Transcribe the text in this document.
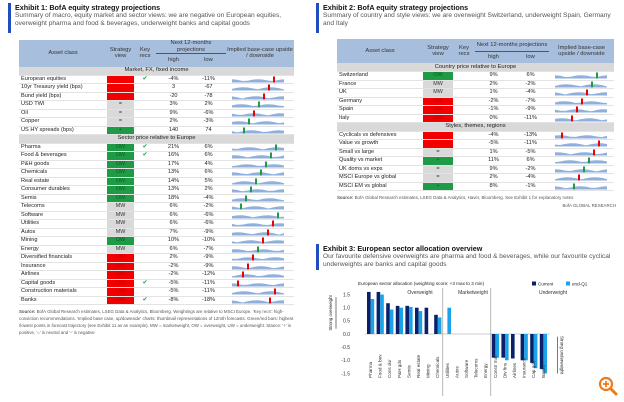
Exhibit 1: BofA equity strategy projections
Summary of macro, equity market and sector views: we are negative on European equities, overweight pharma and food & beverages, underweight banks and capital goods
Asset class	Strategy view	Key recs	Next 12-months projections		Implied base-case upside / downside
			high	low	
Market, FX, fixed income					
European equities		✔	-4%	-11%	

10yr Treasury yield (bps)			3	-67	

Bund yield (bps)			-20	-78	

USD TWI	=		3%	2%	

Oil	=		9%	-6%	

Copper	=		2%	-3%	

US HY spreads (bps)	+		140	74	

Sector price relative to Europe					
Pharma	OW	✔	21%	6%	

Food & beverages	OW	✔	16%	6%	

P&H goods	OW		17%	4%	

Chemicals	OW		13%	6%	

Real estate	OW		14%	5%	

Consumer durables	OW		13%	2%	

Semis	OW		18%	-4%	

Telecoms	MW		6%	-2%	

Software	MW		6%	-6%	

Utilities	MW		6%	-6%	

Autos	MW		7%	-9%	

Mining	OW		10%	-10%	

Energy	MW		6%	-7%	

Diversified financials	UW		2%	-9%	

Insurance	UW		-2%	-9%	

Airlines	UW		-2%	-12%	

Capital goods	UW	✔	-5%	-11%	

Construction materials	UW		-5%	-11%	

Banks	UW	✔	-8%	-18%	
Source: BofA Global Research estimates, LSEG Data & Analytics, Bloomberg. Weightings are relative to MSCI Europe. 'Key recs': high-conviction recommendations. 'Implied base case, up/downside' charts: thumbnail representations of 12mth forecasts. Green/red bars: highest /lowest points in forecast trajectory (see Exhibit 11 as an example). MW = marketweight, OW = overweight, UW = underweight. Stance: '+' is positive, '=' is neutral and '-' is negative
Exhibit 2: BofA equity strategy projections
Summary of country and style views: we are overweight Switzerland, underweight Spain, Germany and Italy
Asset class	Strategy view	Key recs	Next 12-months projections		Implied base-case upside / downside
			high	low	
Country price relative to Europe					
Switzerland	OW		9%	6%	

France	MW		2%	-2%	

UK	MW		1%	-4%	

Germany	UW		-2%	-7%	

Spain	UW		-1%	-9%	

Italy	UW		0%	-11%	

Styles, themes, regions					
Cyclicals vs defensives	-		-4%	-13%	

Value vs growth	-		-5%	-11%	

Small vs large	=		1%	-5%	

Quality vs market	+		11%	6%	

UK doms vs exps	=		9%	-2%	

MSCI Europe vs global	=		2%	-4%	

MSCI EM vs global	+		8%	-1%	
Source: BofA Global Research estimates, LSEG Data & Analytics, Haver, Bloomberg. See Exhibit 1 for explanatory notes
BofA GLOBAL RESEARCH
Exhibit 3: European sector allocation overview
Our favourite defensive overweights are pharma and food & beverages, while our favourite cyclical underweights are banks and capital goods
European sector allocation (weighting score: +3 max to 3 min)	Current	end-Q1
Overweight	Marketweight	Underweight
1.5
1.0
0.5
0.0
-0.5
-1.0
-1.5
Strong overweight
Strong underweight
Pharma Food & bev Cons dur P&H gds Semis Real estate Mining Chemicals Utilities Autos Software Telecoms Energy Constr mat Div fins Airlines Insurance Cap gds Banks
